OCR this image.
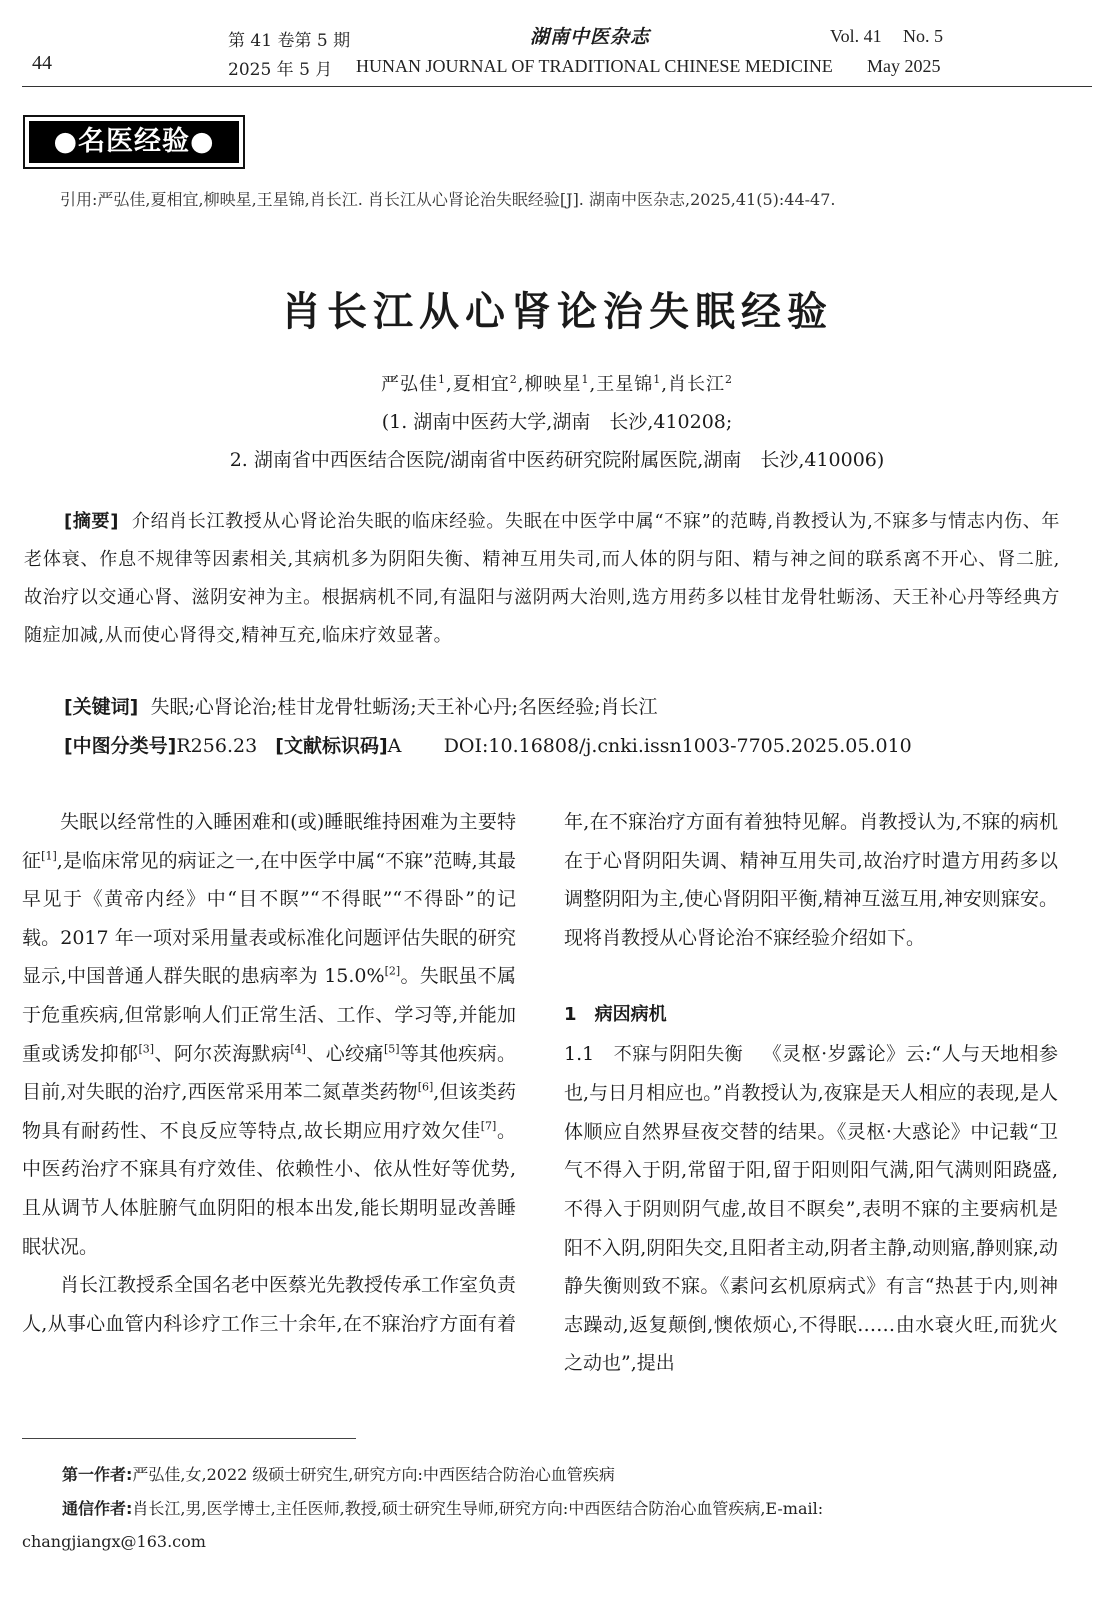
44
第 41 卷第 5 期
2025 年 5 月
湖南中医杂志
HUNAN JOURNAL OF TRADITIONAL CHINESE MEDICINE
Vol. 41 No. 5
May 2025
●名医经验●
引用:严弘佳,夏相宜,柳映星,王星锦,肖长江. 肖长江从心肾论治失眠经验[J]. 湖南中医杂志,2025,41(5):44-47.
肖长江从心肾论治失眠经验
严弘佳$^1$,夏相宜$^2$,柳映星$^1$,王星锦$^1$,肖长江$^2$
(1. 湖南中医药大学,湖南　长沙,410208;
2. 湖南省中西医结合医院/湖南省中医药研究院附属医院,湖南　长沙,410006)
[摘要] 介绍肖长江教授从心肾论治失眠的临床经验。失眠在中医学中属“不寐”的范畴,肖教授认为,不寐多与情志内伤、年老体衰、作息不规律等因素相关,其病机多为阴阳失衡、精神互用失司,而人体的阴与阳、精与神之间的联系离不开心、肾二脏,故治疗以交通心肾、滋阴安神为主。根据病机不同,有温阳与滋阴两大治则,选方用药多以桂甘龙骨牡蛎汤、天王补心丹等经典方随症加减,从而使心肾得交,精神互充,临床疗效显著。
[关键词] 失眠;心肾论治;桂甘龙骨牡蛎汤;天王补心丹;名医经验;肖长江
[中图分类号]R256.23 [文献标识码]A DOI:10.16808/j.cnki.issn1003-7705.2025.05.010

失眠以经常性的入睡困难和(或)睡眠维持困难为主要特征[1],是临床常见的病证之一,在中医学中属“不寐”范畴,其最早见于《黄帝内经》中“目不瞑”“不得眠”“不得卧”的记载。2017 年一项对采用量表或标准化问题评估失眠的研究显示,中国普通人群失眠的患病率为 15.0%[2]。失眠虽不属于危重疾病,但常影响人们正常生活、工作、学习等,并能加重或诱发抑郁[3]、阿尔茨海默病[4]、心绞痛[5]等其他疾病。目前,对失眠的治疗,西医常采用苯二氮䓬类药物[6],但该类药物具有耐药性、不良反应等特点,故长期应用疗效欠佳[7]。中医药治疗不寐具有疗效佳、依赖性小、依从性好等优势,且从调节人体脏腑气血阴阳的根本出发,能长期明显改善睡眠状况。

肖长江教授系全国名老中医蔡光先教授传承工作室负责人,从事心血管内科诊疗工作三十余年,在不寐治疗方面有着

年,在不寐治疗方面有着独特见解。肖教授认为,不寐的病机在于心肾阴阳失调、精神互用失司,故治疗时遣方用药多以调整阴阳为主,使心肾阴阳平衡,精神互滋互用,神安则寐安。现将肖教授从心肾论治不寐经验介绍如下。

1 病因病机

1.1 不寐与阴阳失衡 《灵枢·岁露论》云:“人与天地相参也,与日月相应也。”肖教授认为,夜寐是天人相应的表现,是人体顺应自然界昼夜交替的结果。《灵枢·大惑论》中记载“卫气不得入于阴,常留于阳,留于阳则阳气满,阳气满则阳跷盛,不得入于阴则阴气虚,故目不瞑矣”,表明不寐的主要病机是阳不入阴,阴阳失交,且阳者主动,阴者主静,动则寤,静则寐,动静失衡则致不寐。《素问玄机原病式》有言“热甚于内,则神志躁动,返复颠倒,懊侬烦心,不得眠……由水衰火旺,而犹火之动也”,提出

第一作者:严弘佳,女,2022 级硕士研究生,研究方向:中西医结合防治心血管疾病
通信作者:肖长江,男,医学博士,主任医师,教授,硕士研究生导师,研究方向:中西医结合防治心血管疾病,E-mail:
changjiangx@163.com
